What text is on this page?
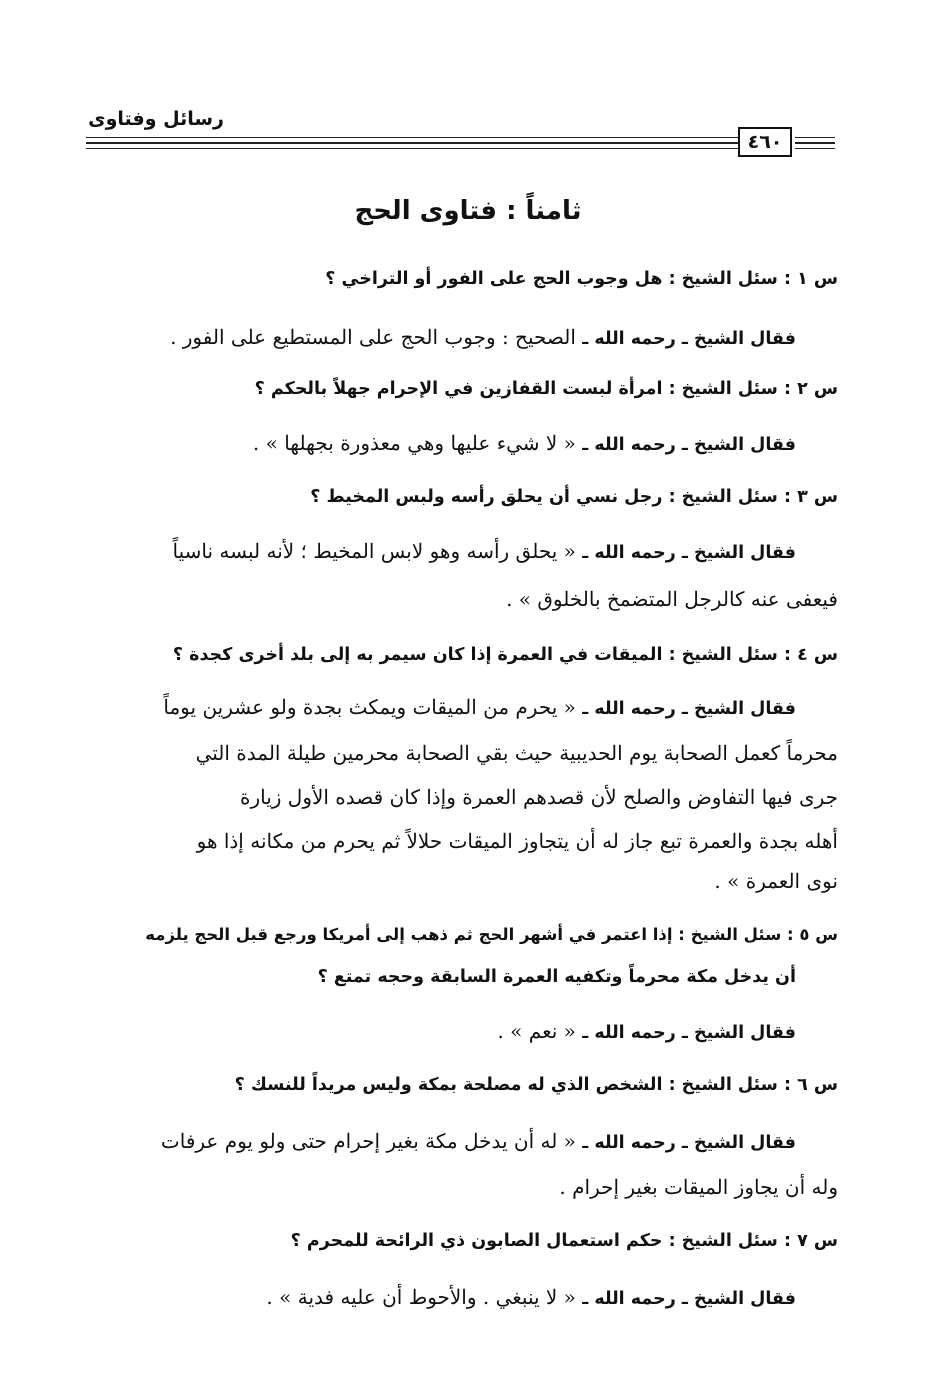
رسائل وفتاوى
٤٦٠
ثامناً : فتاوى الحج
س ١ : سئل الشيخ : هل وجوب الحج على الفور أو التراخي ؟
فقال الشيخ ـ رحمه الله ـ الصحيح : وجوب الحج على المستطيع على الفور .
س ٢ : سئل الشيخ : امرأة لبست القفازين في الإحرام جهلاً بالحكم ؟
فقال الشيخ ـ رحمه الله ـ « لا شيء عليها وهي معذورة بجهلها » .
س ٣ : سئل الشيخ : رجل نسي أن يحلق رأسه ولبس المخيط ؟
فقال الشيخ ـ رحمه الله ـ « يحلق رأسه وهو لابس المخيط ؛ لأنه لبسه ناسياً
فيعفى عنه كالرجل المتضمخ بالخلوق » .
س ٤ : سئل الشيخ : الميقات في العمرة إذا كان سيمر به إلى بلد أخرى كجدة ؟
فقال الشيخ ـ رحمه الله ـ « يحرم من الميقات ويمكث بجدة ولو عشرين يوماً
محرماً كعمل الصحابة يوم الحديبية حيث بقي الصحابة محرمين طيلة المدة التي
جرى فيها التفاوض والصلح لأن قصدهم العمرة وإذا كان قصده الأول زيارة
أهله بجدة والعمرة تبع جاز له أن يتجاوز الميقات حلالاً ثم يحرم من مكانه إذا هو
نوى العمرة » .
س ٥ : سئل الشيخ : إذا اعتمر في أشهر الحج ثم ذهب إلى أمريكا ورجع قبل الحج يلزمه
أن يدخل مكة محرماً وتكفيه العمرة السابقة وحجه تمتع ؟
فقال الشيخ ـ رحمه الله ـ « نعم » .
س ٦ : سئل الشيخ : الشخص الذي له مصلحة بمكة وليس مريداً للنسك ؟
فقال الشيخ ـ رحمه الله ـ « له أن يدخل مكة بغير إحرام حتى ولو يوم عرفات
وله أن يجاوز الميقات بغير إحرام .
س ٧ : سئل الشيخ : حكم استعمال الصابون ذي الرائحة للمحرم ؟
فقال الشيخ ـ رحمه الله ـ « لا ينبغي . والأحوط أن عليه فدية » .
